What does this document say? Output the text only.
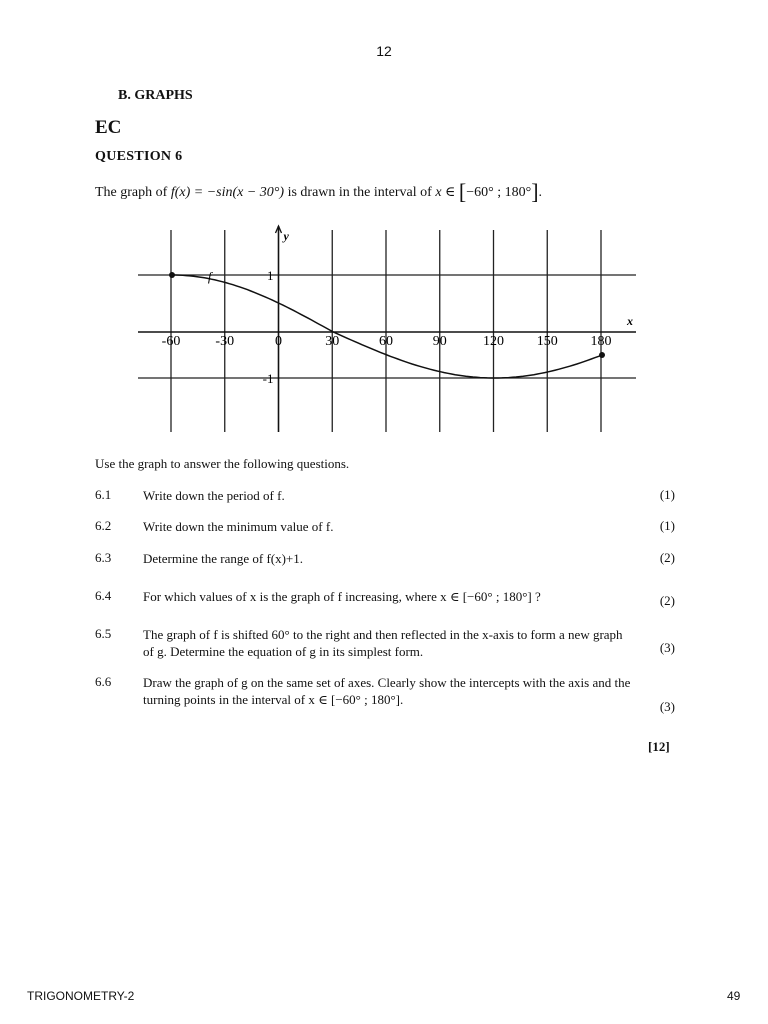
12
B. GRAPHS
EC
QUESTION 6
The graph of f(x) = −sin(x − 30°) is drawn in the interval of x ∈ [−60° ; 180°].
x
y
-60	-30	0	30	60	90	120 150 180
1
-1
f
Use the graph to answer the following questions.
6.1 Write down the period of f.	(1)
6.2 Write down the minimum value of f.	(1)
6.3 Determine the range of f(x)+1.	(2)
6.4 For which values of x is the graph of f increasing, where x ∈ [−60° ; 180°] ?	(2)
6.5 The graph of f is shifted 60° to the right and then reflected in the x-axis to form a new graph of g. Determine the equation of g in its simplest form.	(3)
6.6 Draw the graph of g on the same set of axes. Clearly show the intercepts with the axis and the turning points in the interval of x ∈ [−60° ; 180°].	(3)
[12]
TRIGONOMETRY-2	49
